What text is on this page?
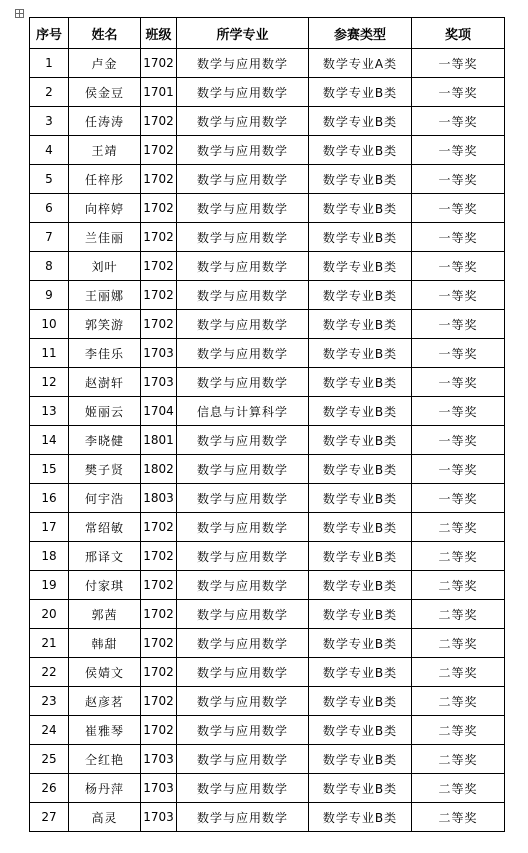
序号	姓名	班级	所学专业	参赛类型	奖项
1	卢金	1702	数学与应用数学	数学专业A类	一等奖
2	侯金豆	1701	数学与应用数学	数学专业B类	一等奖
3	任涛涛	1702	数学与应用数学	数学专业B类	一等奖
4	王靖	1702	数学与应用数学	数学专业B类	一等奖
5	任梓彤	1702	数学与应用数学	数学专业B类	一等奖
6	向梓婷	1702	数学与应用数学	数学专业B类	一等奖
7	兰佳丽	1702	数学与应用数学	数学专业B类	一等奖
8	刘叶	1702	数学与应用数学	数学专业B类	一等奖
9	王丽娜	1702	数学与应用数学	数学专业B类	一等奖
10	郭笑游	1702	数学与应用数学	数学专业B类	一等奖
11	李佳乐	1703	数学与应用数学	数学专业B类	一等奖
12	赵澍轩	1703	数学与应用数学	数学专业B类	一等奖
13	姬丽云	1704	信息与计算科学	数学专业B类	一等奖
14	李晓健	1801	数学与应用数学	数学专业B类	一等奖
15	樊子贤	1802	数学与应用数学	数学专业B类	一等奖
16	何宇浩	1803	数学与应用数学	数学专业B类	一等奖
17	常绍敏	1702	数学与应用数学	数学专业B类	二等奖
18	邢译文	1702	数学与应用数学	数学专业B类	二等奖
19	付家琪	1702	数学与应用数学	数学专业B类	二等奖
20	郭茜	1702	数学与应用数学	数学专业B类	二等奖
21	韩甜	1702	数学与应用数学	数学专业B类	二等奖
22	侯婧文	1702	数学与应用数学	数学专业B类	二等奖
23	赵彦茗	1702	数学与应用数学	数学专业B类	二等奖
24	崔雅琴	1702	数学与应用数学	数学专业B类	二等奖
25	仝红艳	1703	数学与应用数学	数学专业B类	二等奖
26	杨丹萍	1703	数学与应用数学	数学专业B类	二等奖
27	高灵	1703	数学与应用数学	数学专业B类	二等奖
